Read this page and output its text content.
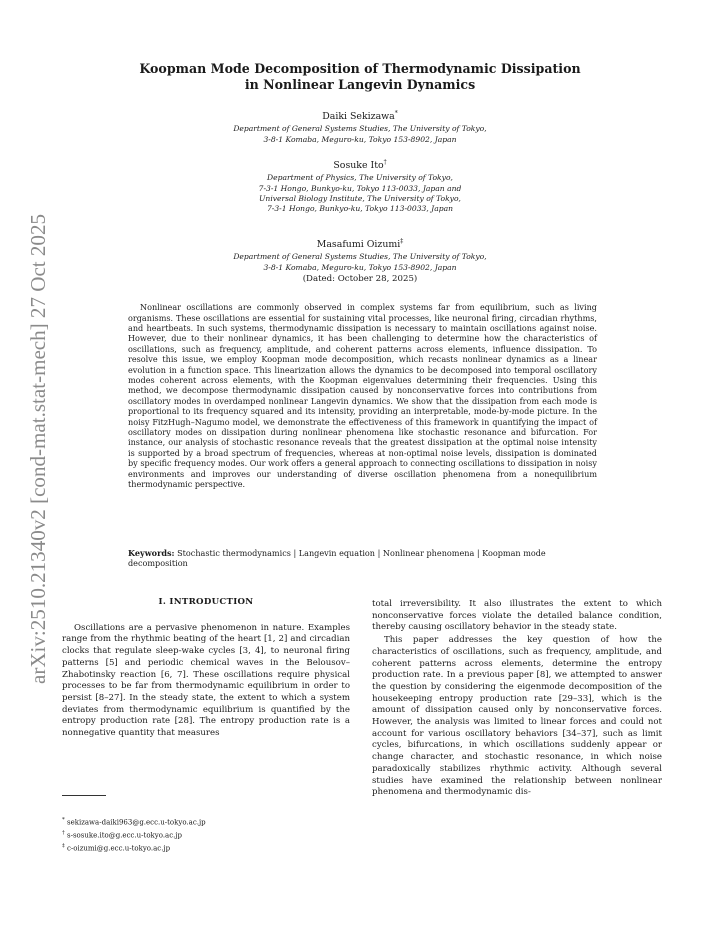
arXiv:2510.21340v2 [cond-mat.stat-mech] 27 Oct 2025
Koopman Mode Decomposition of Thermodynamic Dissipation
in Nonlinear Langevin Dynamics
Daiki Sekizawa*
Department of General Systems Studies, The University of Tokyo,
3-8-1 Komaba, Meguro-ku, Tokyo 153-8902, Japan
Sosuke Ito†
Department of Physics, The University of Tokyo,
7-3-1 Hongo, Bunkyo-ku, Tokyo 113-0033, Japan and
Universal Biology Institute, The University of Tokyo,
7-3-1 Hongo, Bunkyo-ku, Tokyo 113-0033, Japan
Masafumi Oizumi‡
Department of General Systems Studies, The University of Tokyo,
3-8-1 Komaba, Meguro-ku, Tokyo 153-8902, Japan
(Dated: October 28, 2025)

Nonlinear oscillations are commonly observed in complex systems far from equilibrium, such as living organisms. These oscillations are essential for sustaining vital processes, like neuronal firing, circadian rhythms, and heartbeats. In such systems, thermodynamic dissipation is necessary to maintain oscillations against noise. However, due to their nonlinear dynamics, it has been challenging to determine how the characteristics of oscillations, such as frequency, amplitude, and coherent patterns across elements, influence dissipation. To resolve this issue, we employ Koopman mode decomposition, which recasts nonlinear dynamics as a linear evolution in a function space. This linearization allows the dynamics to be decomposed into temporal oscillatory modes coherent across elements, with the Koopman eigenvalues determining their frequencies. Using this method, we decompose thermodynamic dissipation caused by nonconservative forces into contributions from oscillatory modes in overdamped nonlinear Langevin dynamics. We show that the dissipation from each mode is proportional to its frequency squared and its intensity, providing an interpretable, mode-by-mode picture. In the noisy FitzHugh–Nagumo model, we demonstrate the effectiveness of this framework in quantifying the impact of oscillatory modes on dissipation during nonlinear phenomena like stochastic resonance and bifurcation. For instance, our analysis of stochastic resonance reveals that the greatest dissipation at the optimal noise intensity is supported by a broad spectrum of frequencies, whereas at non-optimal noise levels, dissipation is dominated by specific frequency modes. Our work offers a general approach to connecting oscillations to dissipation in noisy environments and improves our understanding of diverse oscillation phenomena from a nonequilibrium thermodynamic perspective.

Keywords: Stochastic thermodynamics | Langevin equation | Nonlinear phenomena | Koopman mode decomposition
I. INTRODUCTION

Oscillations are a pervasive phenomenon in nature. Examples range from the rhythmic beating of the heart [1, 2] and circadian clocks that regulate sleep-wake cycles [3, 4], to neuronal firing patterns [5] and periodic chemical waves in the Belousov–Zhabotinsky reaction [6, 7]. These oscillations require physical processes to be far from thermodynamic equilibrium in order to persist [8–27]. In the steady state, the extent to which a system deviates from thermodynamic equilibrium is quantified by the entropy production rate [28]. The entropy production rate is a nonnegative quantity that measures

total irreversibility. It also illustrates the extent to which nonconservative forces violate the detailed balance condition, thereby causing oscillatory behavior in the steady state.

This paper addresses the key question of how the characteristics of oscillations, such as frequency, amplitude, and coherent patterns across elements, determine the entropy production rate. In a previous paper [8], we attempted to answer the question by considering the eigenmode decomposition of the housekeeping entropy production rate [29–33], which is the amount of dissipation caused only by nonconservative forces. However, the analysis was limited to linear forces and could not account for various oscillatory behaviors [34–37], such as limit cycles, bifurcations, in which oscillations suddenly appear or change character, and stochastic resonance, in which noise paradoxically stabilizes rhythmic activity. Although several studies have examined the relationship between nonlinear phenomena and thermodynamic dis-

* sekizawa-daiki963@g.ecc.u-tokyo.ac.jp
† s-sosuke.ito@g.ecc.u-tokyo.ac.jp
‡ c-oizumi@g.ecc.u-tokyo.ac.jp
